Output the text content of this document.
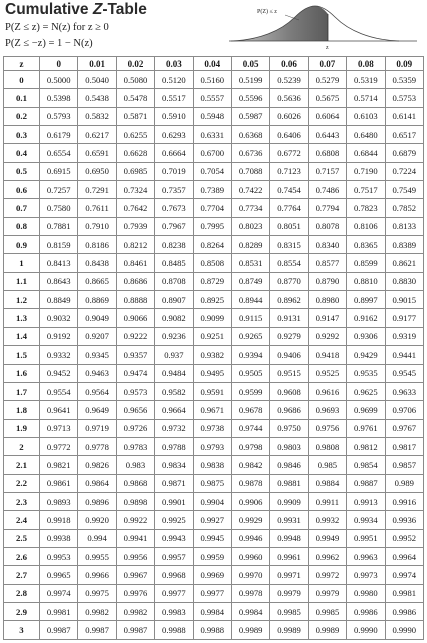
Cumulative Z-Table
P(Z ≤ z) = N(z) for z ≥ 0
P(Z ≤ −z) = 1 − N(z)
P(Z) ≤ z
z
z	0	0.01	0.02	0.03	0.04	0.05	0.06	0.07	0.08	0.09
0	0.5000	0.5040	0.5080	0.5120	0.5160	0.5199	0.5239	0.5279	0.5319	0.5359
0.1	0.5398	0.5438	0.5478	0.5517	0.5557	0.5596	0.5636	0.5675	0.5714	0.5753
0.2	0.5793	0.5832	0.5871	0.5910	0.5948	0.5987	0.6026	0.6064	0.6103	0.6141
0.3	0.6179	0.6217	0.6255	0.6293	0.6331	0.6368	0.6406	0.6443	0.6480	0.6517
0.4	0.6554	0.6591	0.6628	0.6664	0.6700	0.6736	0.6772	0.6808	0.6844	0.6879
0.5	0.6915	0.6950	0.6985	0.7019	0.7054	0.7088	0.7123	0.7157	0.7190	0.7224
0.6	0.7257	0.7291	0.7324	0.7357	0.7389	0.7422	0.7454	0.7486	0.7517	0.7549
0.7	0.7580	0.7611	0.7642	0.7673	0.7704	0.7734	0.7764	0.7794	0.7823	0.7852
0.8	0.7881	0.7910	0.7939	0.7967	0.7995	0.8023	0.8051	0.8078	0.8106	0.8133
0.9	0.8159	0.8186	0.8212	0.8238	0.8264	0.8289	0.8315	0.8340	0.8365	0.8389
1	0.8413	0.8438	0.8461	0.8485	0.8508	0.8531	0.8554	0.8577	0.8599	0.8621
1.1	0.8643	0.8665	0.8686	0.8708	0.8729	0.8749	0.8770	0.8790	0.8810	0.8830
1.2	0.8849	0.8869	0.8888	0.8907	0.8925	0.8944	0.8962	0.8980	0.8997	0.9015
1.3	0.9032	0.9049	0.9066	0.9082	0.9099	0.9115	0.9131	0.9147	0.9162	0.9177
1.4	0.9192	0.9207	0.9222	0.9236	0.9251	0.9265	0.9279	0.9292	0.9306	0.9319
1.5	0.9332	0.9345	0.9357	0.937	0.9382	0.9394	0.9406	0.9418	0.9429	0.9441
1.6	0.9452	0.9463	0.9474	0.9484	0.9495	0.9505	0.9515	0.9525	0.9535	0.9545
1.7	0.9554	0.9564	0.9573	0.9582	0.9591	0.9599	0.9608	0.9616	0.9625	0.9633
1.8	0.9641	0.9649	0.9656	0.9664	0.9671	0.9678	0.9686	0.9693	0.9699	0.9706
1.9	0.9713	0.9719	0.9726	0.9732	0.9738	0.9744	0.9750	0.9756	0.9761	0.9767
2	0.9772	0.9778	0.9783	0.9788	0.9793	0.9798	0.9803	0.9808	0.9812	0.9817
2.1	0.9821	0.9826	0.983	0.9834	0.9838	0.9842	0.9846	0.985	0.9854	0.9857
2.2	0.9861	0.9864	0.9868	0.9871	0.9875	0.9878	0.9881	0.9884	0.9887	0.989
2.3	0.9893	0.9896	0.9898	0.9901	0.9904	0.9906	0.9909	0.9911	0.9913	0.9916
2.4	0.9918	0.9920	0.9922	0.9925	0.9927	0.9929	0.9931	0.9932	0.9934	0.9936
2.5	0.9938	0.994	0.9941	0.9943	0.9945	0.9946	0.9948	0.9949	0.9951	0.9952
2.6	0.9953	0.9955	0.9956	0.9957	0.9959	0.9960	0.9961	0.9962	0.9963	0.9964
2.7	0.9965	0.9966	0.9967	0.9968	0.9969	0.9970	0.9971	0.9972	0.9973	0.9974
2.8	0.9974	0.9975	0.9976	0.9977	0.9977	0.9978	0.9979	0.9979	0.9980	0.9981
2.9	0.9981	0.9982	0.9982	0.9983	0.9984	0.9984	0.9985	0.9985	0.9986	0.9986
3	0.9987	0.9987	0.9987	0.9988	0.9988	0.9989	0.9989	0.9989	0.9990	0.9990
